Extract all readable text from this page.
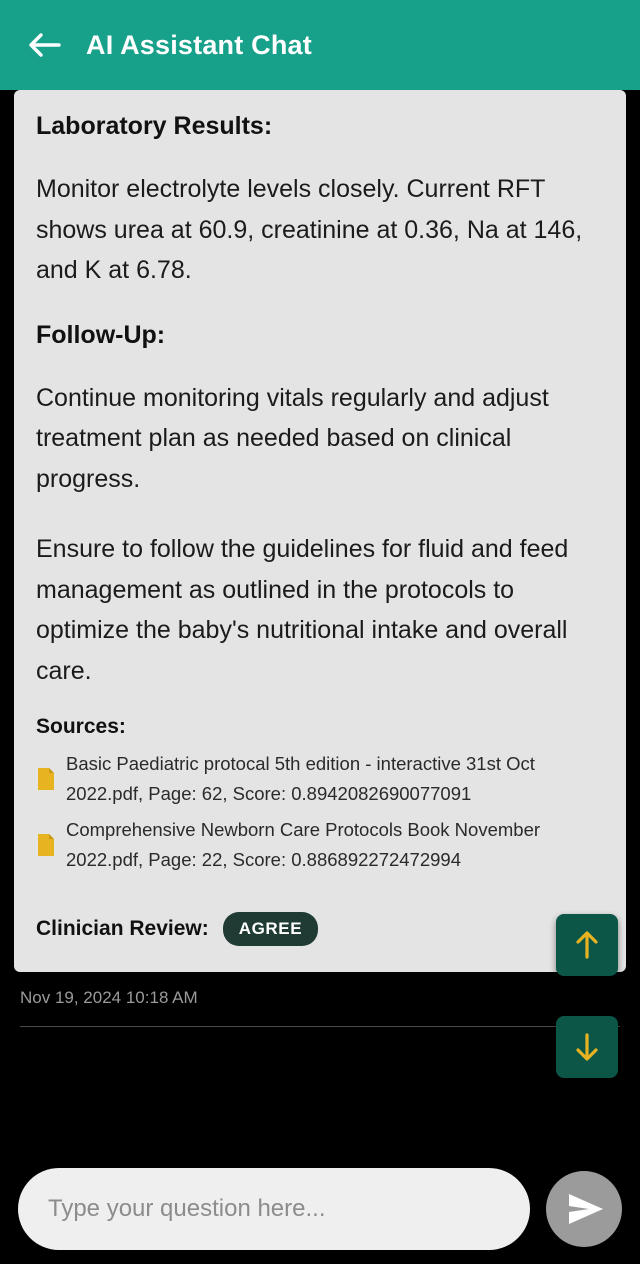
AI Assistant Chat
Laboratory Results:
Monitor electrolyte levels closely. Current RFT shows urea at 60.9, creatinine at 0.36, Na at 146, and K at 6.78.
Follow-Up:
Continue monitoring vitals regularly and adjust treatment plan as needed based on clinical progress.
Ensure to follow the guidelines for fluid and feed management as outlined in the protocols to optimize the baby's nutritional intake and overall care.
Sources:
Basic Paediatric protocal 5th edition - interactive 31st Oct 2022.pdf, Page: 62, Score: 0.8942082690077091
Comprehensive Newborn Care Protocols Book November 2022.pdf, Page: 22, Score: 0.886892272472994
Clinician Review:	AGREE
Nov 19, 2024 10:18 AM
Type your question here...
